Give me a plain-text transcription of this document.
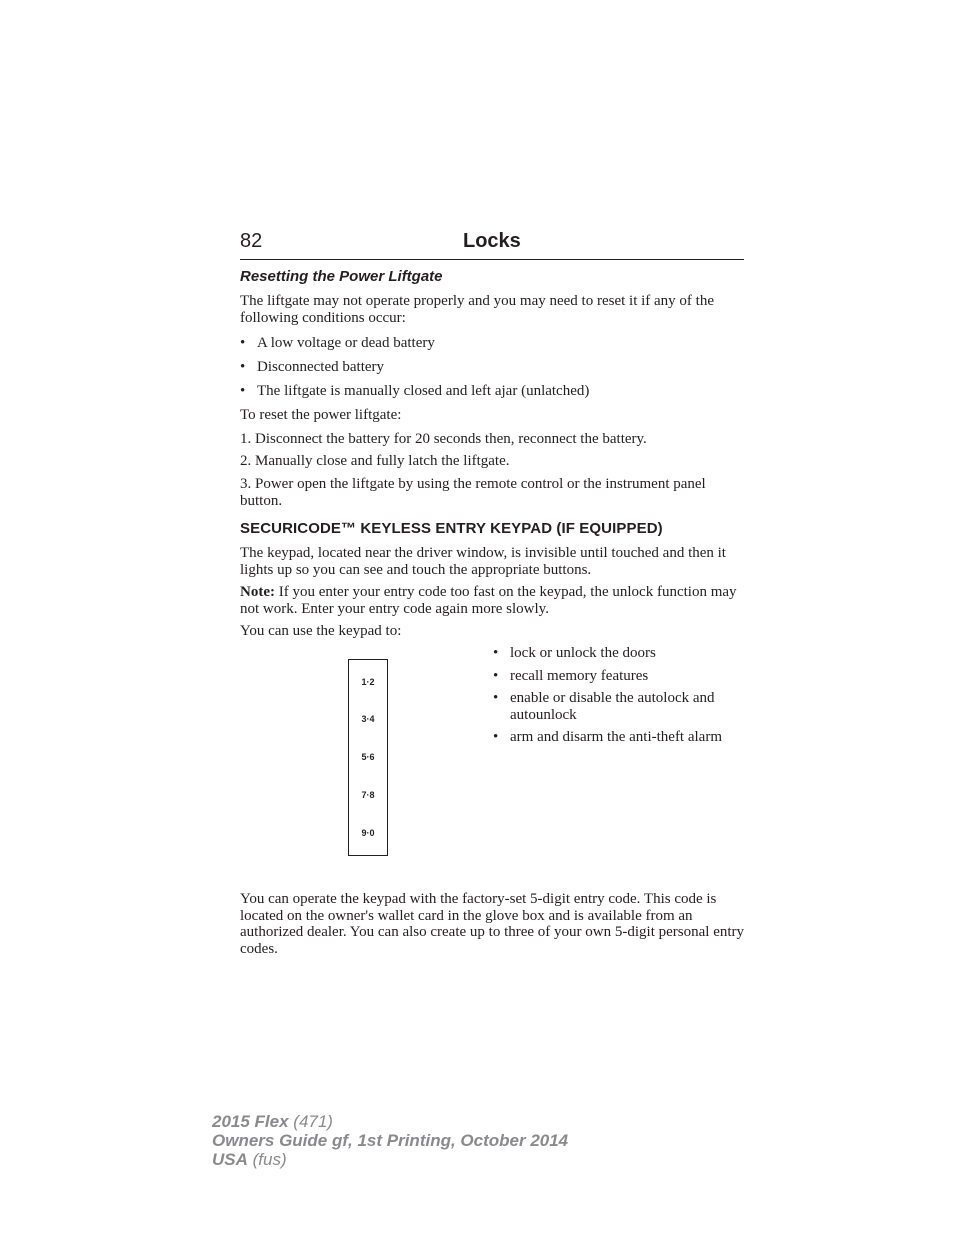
82	Locks
Resetting the Power Liftgate
The liftgate may not operate properly and you may need to reset it if any of the following conditions occur:
• A low voltage or dead battery
• Disconnected battery
• The liftgate is manually closed and left ajar (unlatched)
To reset the power liftgate:
1. Disconnect the battery for 20 seconds then, reconnect the battery.
2. Manually close and fully latch the liftgate.
3. Power open the liftgate by using the remote control or the instrument panel button.
SECURICODE™ KEYLESS ENTRY KEYPAD (IF EQUIPPED)
The keypad, located near the driver window, is invisible until touched and then it lights up so you can see and touch the appropriate buttons.
Note: If you enter your entry code too fast on the keypad, the unlock function may not work. Enter your entry code again more slowly.
You can use the keypad to:
1·2
3·4
5·6
7·8
9·0
• lock or unlock the doors
• recall memory features
• enable or disable the autolock and autounlock
• arm and disarm the anti-theft alarm
You can operate the keypad with the factory-set 5-digit entry code. This code is located on the owner's wallet card in the glove box and is available from an authorized dealer. You can also create up to three of your own 5-digit personal entry codes.
2015 Flex (471)
Owners Guide gf, 1st Printing, October 2014
USA (fus)
